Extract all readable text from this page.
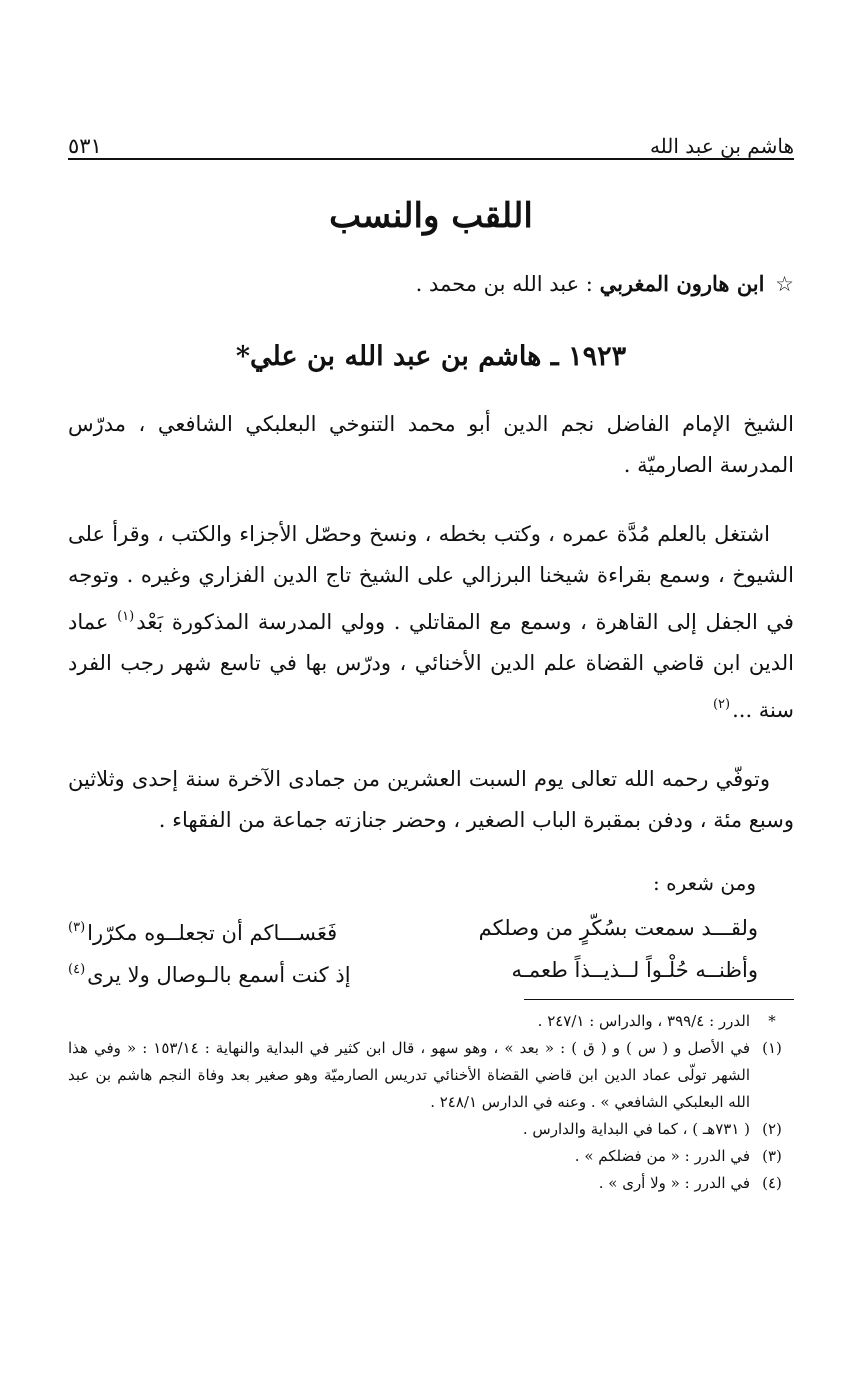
هاشم بن عبد الله
٥٣١
اللقب والنسب
☆ ابن هارون المغربي : عبد الله بن محمد .
١٩٢٣ ـ هاشم بن عبد الله بن علي*

الشيخ الإمام الفاضل نجم الدين أبو محمد التنوخي البعلبكي الشافعي ، مدرّس المدرسة الصارميّة .

اشتغل بالعلم مُدَّة عمره ، وكتب بخطه ، ونسخ وحصّل الأجزاء والكتب ، وقرأ على الشيوخ ، وسمع بقراءة شيخنا البرزالي على الشيخ تاج الدين الفزاري وغيره . وتوجه في الجفل إلى القاهرة ، وسمع مع المقاتلي . وولي المدرسة المذكورة بَعْد$^{(١)}$ عماد الدين ابن قاضي القضاة علم الدين الأخنائي ، ودرّس بها في تاسع شهر رجب الفرد سنة ...$^{(٢)}$

وتوفّي رحمه الله تعالى يوم السبت العشرين من جمادى الآخرة سنة إحدى وثلاثين وسبع مئة ، ودفن بمقبرة الباب الصغير ، وحضر جنازته جماعة من الفقهاء .

ومن شعره :
ولقـــد سمعت بسُكّرٍ من وصلكم
فَعَســـاكم أن تجعلــوه مكرّرا$^{(٣)}$
وأظنــه حُلْـواً لــذيــذاً طعمـه
إذ كنت أسمع بالـوصال ولا يرى$^{(٤)}$
*
الدرر : ٣٩٩/٤ ، والدراس : ٢٤٧/١ .
(١)
في الأصل و ( س ) و ( ق ) : « بعد » ، وهو سهو ، قال ابن كثير في البداية والنهاية : ١٥٣/١٤ : « وفي هذا الشهر تولّى عماد الدين ابن قاضي القضاة الأخنائي تدريس الصارميّة وهو صغير بعد وفاة النجم هاشم بن عبد الله البعلبكي الشافعي » . وعنه في الدارس ٢٤٨/١ .
(٢)
( ٧٣١هـ ) ، كما في البداية والدارس .
(٣)
في الدرر : « من فضلكم » .
(٤)
في الدرر : « ولا أرى » .
